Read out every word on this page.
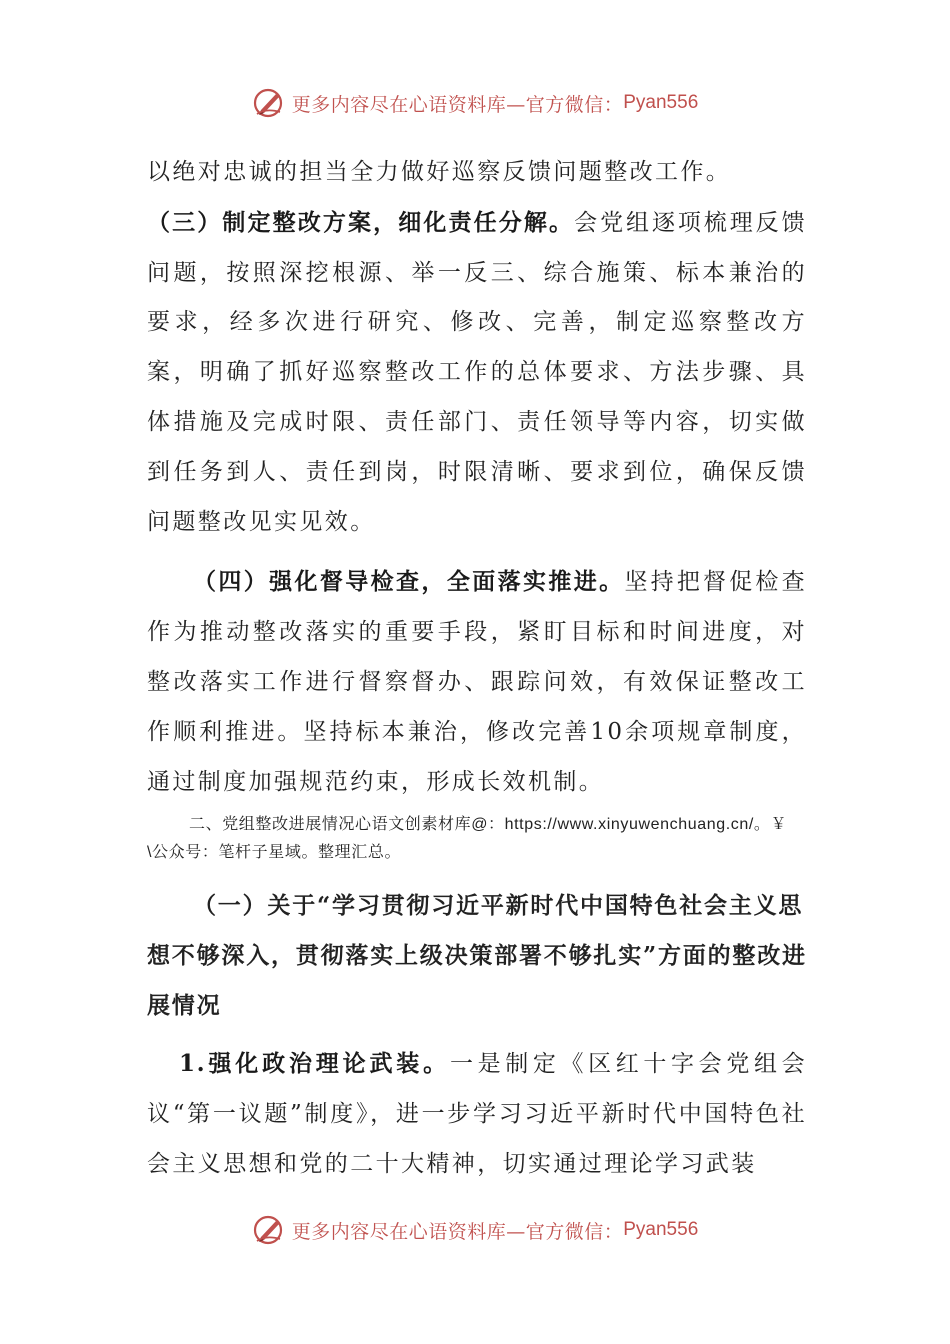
更多内容尽在心语资料库—官方微信： Pyan556

以绝对忠诚的担当全力做好巡察反馈问题整改工作。

（三）制定整改方案，细化责任分解。会党组逐项梳理反馈问题，按照深挖根源、举一反三、综合施策、标本兼治的要求，经多次进行研究、修改、完善，制定巡察整改方案，明确了抓好巡察整改工作的总体要求、方法步骤、具体措施及完成时限、责任部门、责任领导等内容，切实做到任务到人、责任到岗，时限清晰、要求到位，确保反馈问题整改见实见效。

（四）强化督导检查，全面落实推进。坚持把督促检查作为推动整改落实的重要手段，紧盯目标和时间进度，对整改落实工作进行督察督办、跟踪问效，有效保证整改工作顺利推进。坚持标本兼治，修改完善10余项规章制度，通过制度加强规范约束，形成长效机制。

二、党组整改进展情况心语文创素材库@：https://www.xinyuwenchuang.cn/。￥\公众号：笔杆子星域。整理汇总。

（一）关于“学习贯彻习近平新时代中国特色社会主义思想不够深入，贯彻落实上级决策部署不够扎实”方面的整改进展情况

1.强化政治理论武装。一是制定《区红十字会党组会议“第一议题”制度》，进一步学习习近平新时代中国特色社会主义思想和党的二十大精神，切实通过理论学习武装

更多内容尽在心语资料库—官方微信： Pyan556
